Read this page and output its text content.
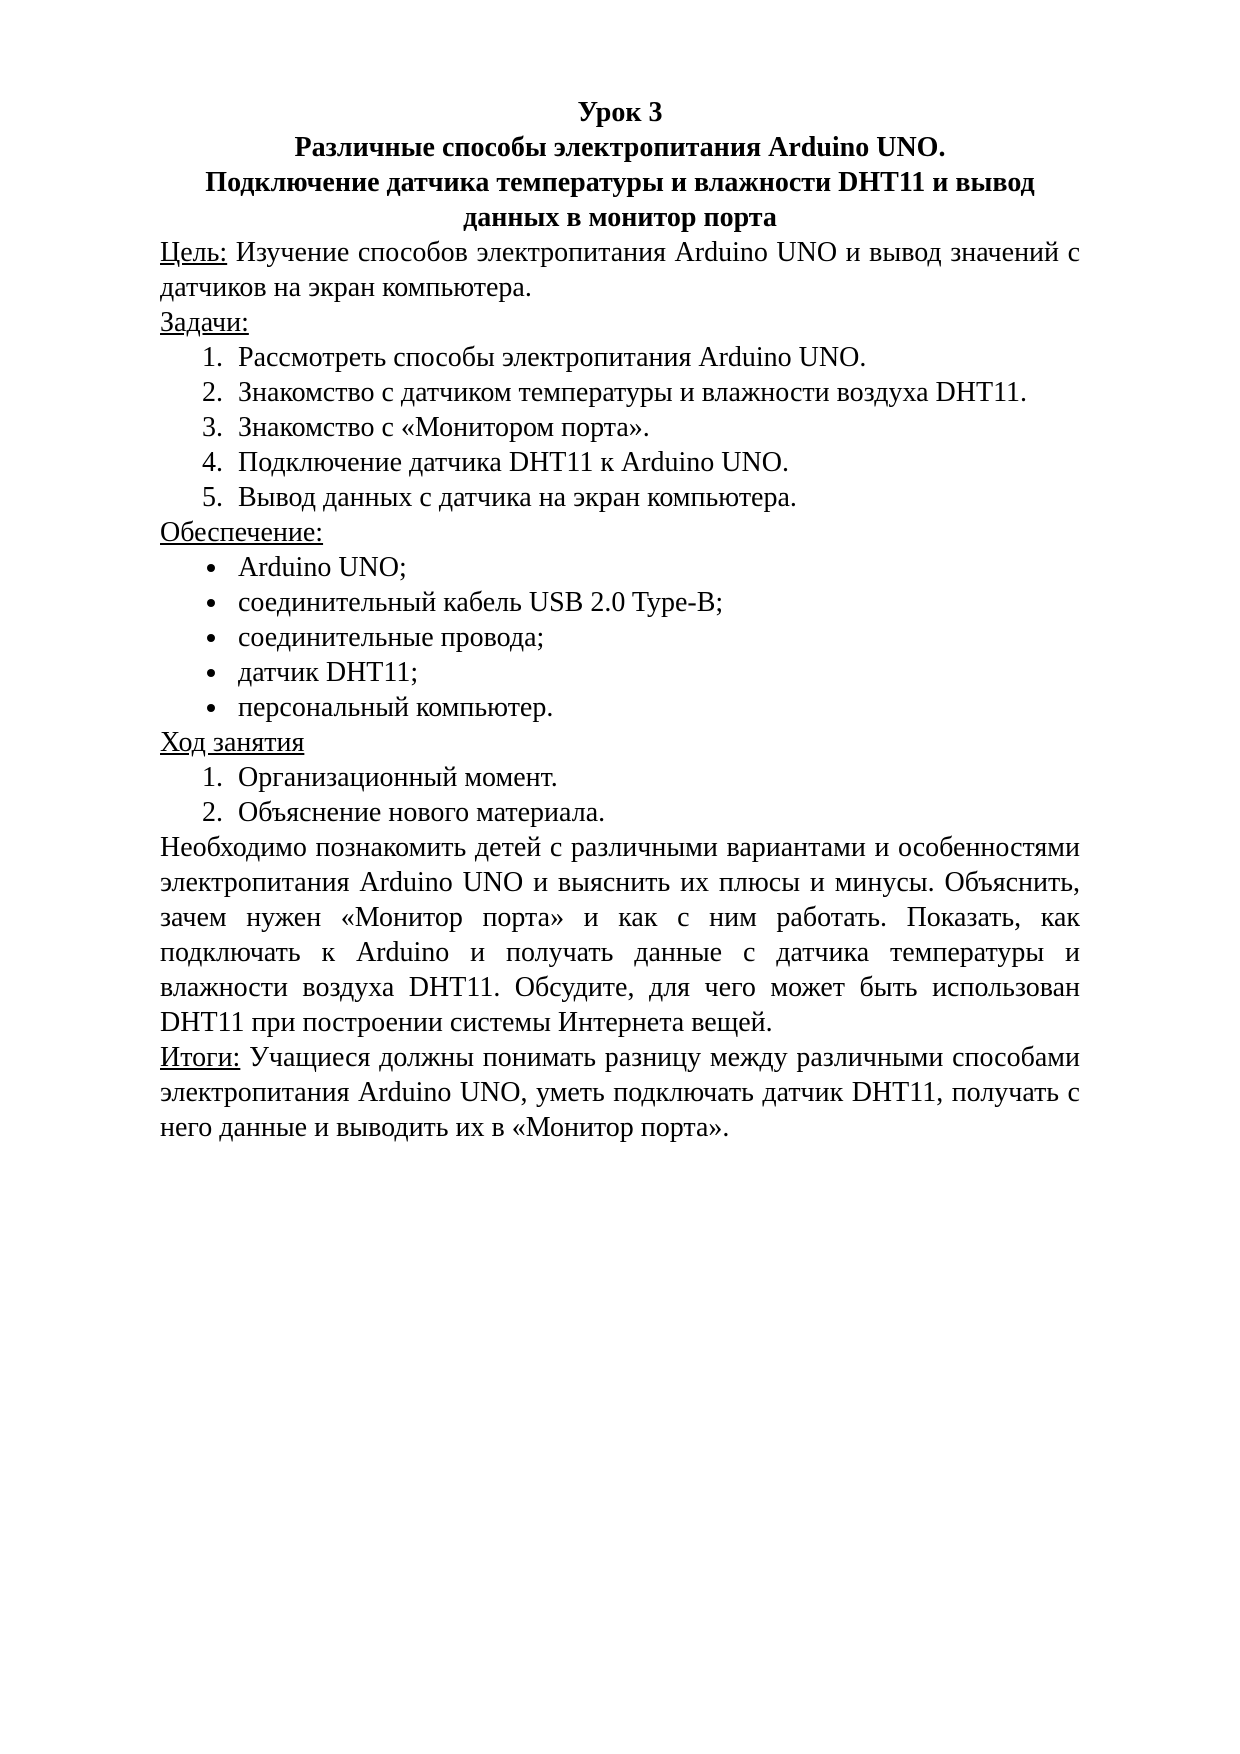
Урок 3
Различные способы электропитания Arduino UNO.
Подключение датчика температуры и влажности DHT11 и вывод
данных в монитор порта

Цель: Изучение способов электропитания Arduino UNO и вывод значений с датчиков на экран компьютера.

Задачи:

1. Рассмотреть способы электропитания Arduino UNO.
2. Знакомство с датчиком температуры и влажности воздуха DHT11.
3. Знакомство с «Монитором порта».
4. Подключение датчика DHT11 к Arduino UNO.
5. Вывод данных с датчика на экран компьютера.

Обеспечение:

• Arduino UNO;
• соединительный кабель USB 2.0 Type-B;
• соединительные провода;
• датчик DHT11;
• персональный компьютер.

Ход занятия

1. Организационный момент.
2. Объяснение нового материала.

Необходимо познакомить детей с различными вариантами и особенностями электропитания Arduino UNO и выяснить их плюсы и минусы. Объяснить, зачем нужен «Монитор порта» и как с ним работать. Показать, как подключать к Arduino и получать данные с датчика температуры и влажности воздуха DHT11. Обсудите, для чего может быть использован DHT11 при построении системы Интернета вещей.

Итоги: Учащиеся должны понимать разницу между различными способами электропитания Arduino UNO, уметь подключать датчик DHT11, получать с него данные и выводить их в «Монитор порта».
